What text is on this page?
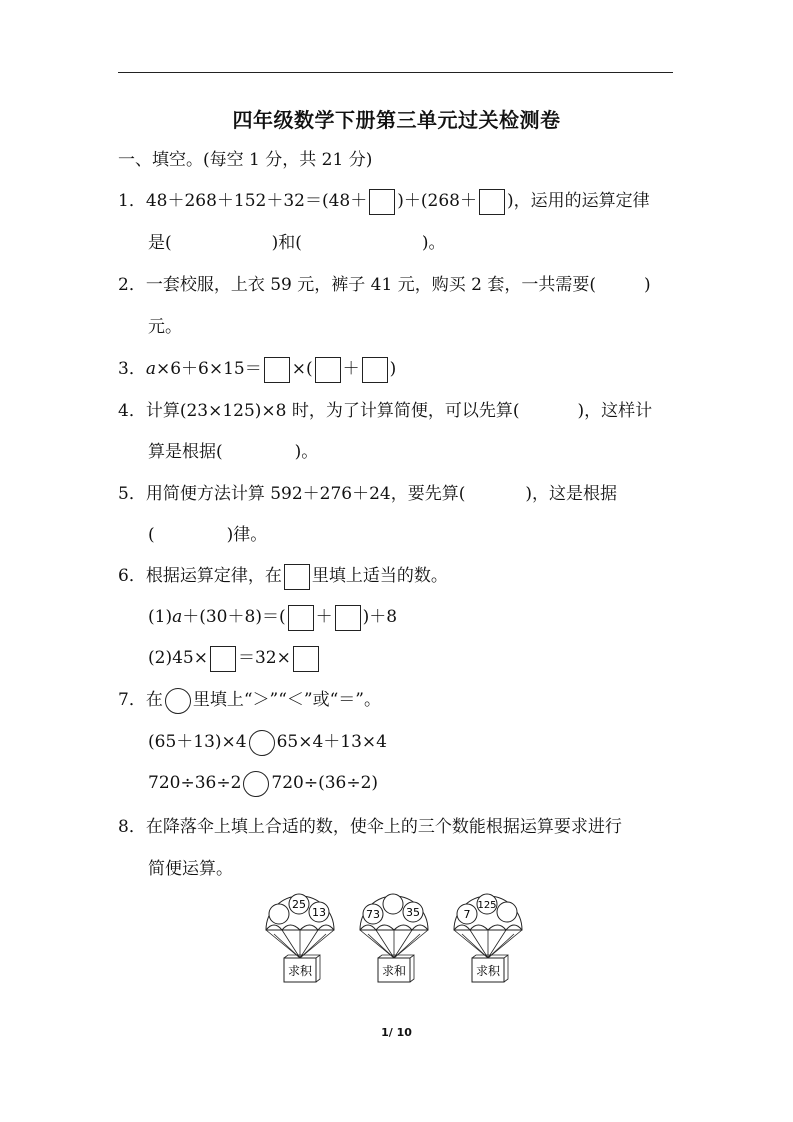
四年级数学下册第三单元过关检测卷
一、填空。(每空 1 分，共 21 分)
1．48＋268＋152＋32＝(48＋ )＋(268＋ )，运用的运算定律
是(	)和(	)。
2．一套校服，上衣 59 元，裤子 41 元，购买 2 套，一共需要(	)
元。
3．a×6＋6×15＝ ×( ＋ )
4．计算(23×125)×8 时，为了计算简便，可以先算(	)，这样计
算是根据(	)。
5．用简便方法计算 592＋276＋24，要先算(	)，这是根据
(	)律。
6．根据运算定律，在 里填上适当的数。
(1)a＋(30＋8)＝( ＋ )＋8
(2)45× ＝32×
7．在 里填上“＞”“＜”或“＝”。
(65＋13)×4 65×4＋13×4
720÷36÷2 720÷(36÷2)
8．在降落伞上填上合适的数，使伞上的三个数能根据运算要求进行
简便运算。
25
13
求积
73 35
求和
7
125
求积
1/ 10
